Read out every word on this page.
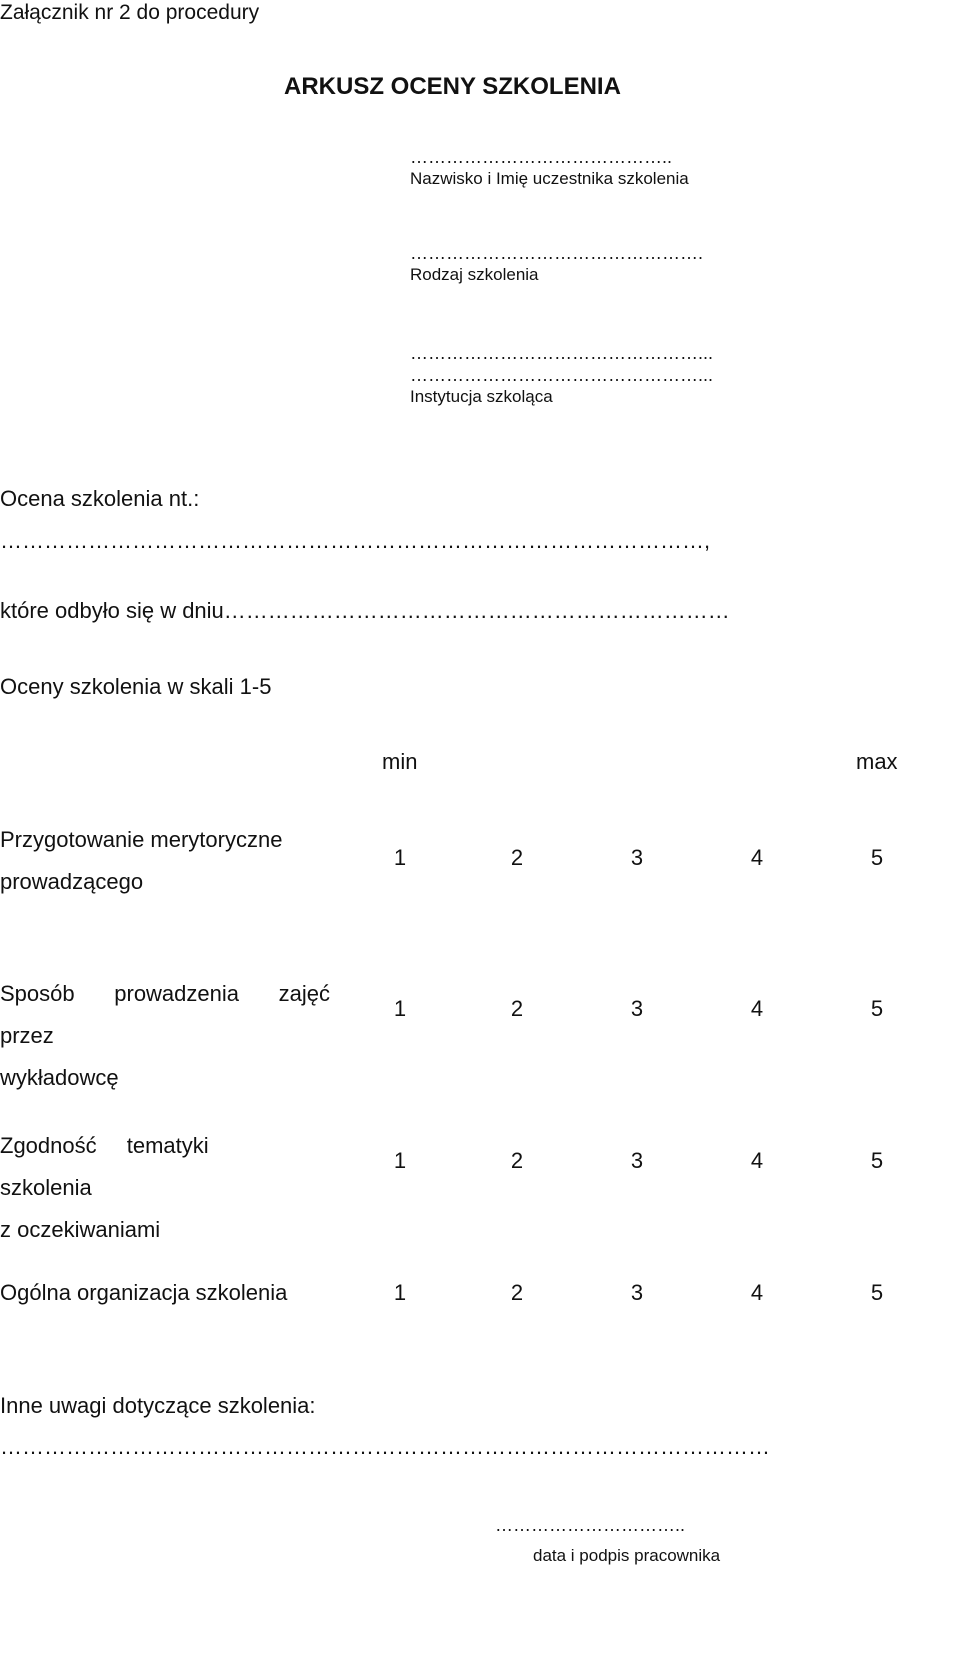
Załącznik nr 2 do procedury
ARKUSZ OCENY SZKOLENIA
……………………………………..
Nazwisko i Imię uczestnika szkolenia
………………………………………….
Rodzaj szkolenia
…………………………………………...
…………………………………………...
Instytucja szkoląca
Ocena szkolenia nt.:
……………………………………………………………………………………,
które odbyło się w dniu……………………………………………………………
Oceny szkolenia w skali 1-5
min	max
Przygotowanie merytoryczne
prowadzącego
1	2	3	4	5
Sposób prowadzenia zajęć przez
wykładowcę
1	2	3	4	5
Zgodność tematyki szkolenia
z oczekiwaniami
1	2	3	4	5
Ogólna organizacja szkolenia	1	2	3	4	5
Inne uwagi dotyczące szkolenia:
……………………………………………………………………………………………
…………………………..
data i podpis pracownika
